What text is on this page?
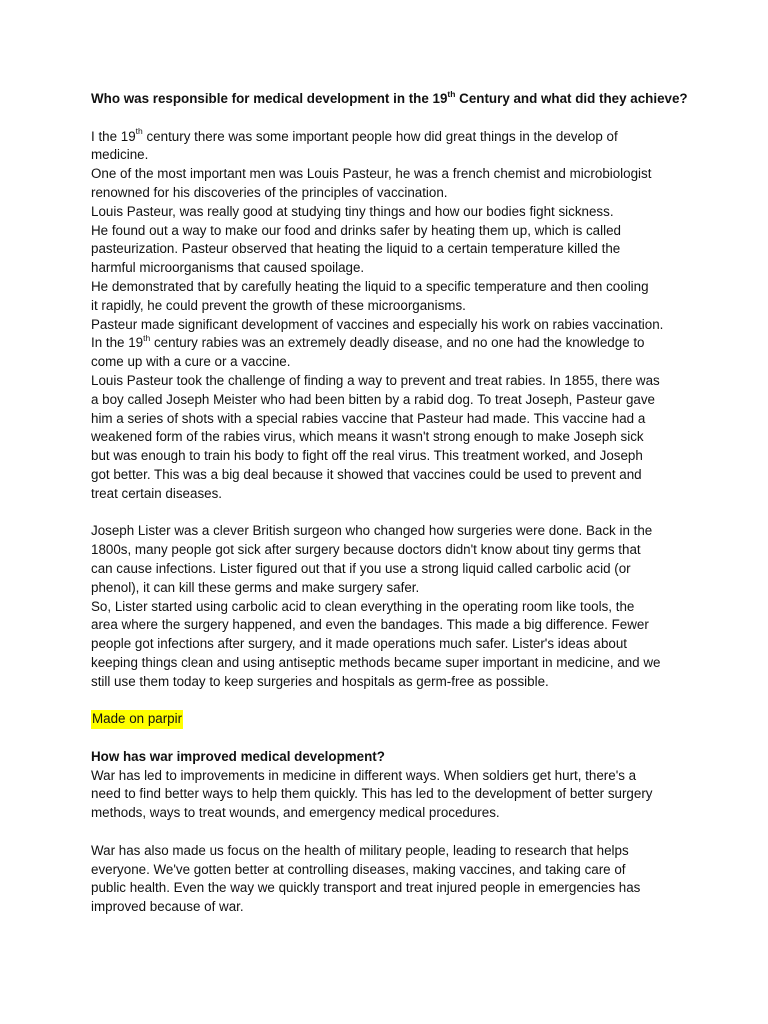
Who was responsible for medical development in the 19th Century and what did they achieve?
I the 19th century there was some important people how did great things in the develop of
medicine.
One of the most important men was Louis Pasteur, he was a french chemist and microbiologist
renowned for his discoveries of the principles of vaccination.
Louis Pasteur, was really good at studying tiny things and how our bodies fight sickness.
He found out a way to make our food and drinks safer by heating them up, which is called
pasteurization. Pasteur observed that heating the liquid to a certain temperature killed the
harmful microorganisms that caused spoilage.
He demonstrated that by carefully heating the liquid to a specific temperature and then cooling
it rapidly, he could prevent the growth of these microorganisms.
Pasteur made significant development of vaccines and especially his work on rabies vaccination.
In the 19th century rabies was an extremely deadly disease, and no one had the knowledge to
come up with a cure or a vaccine.
Louis Pasteur took the challenge of finding a way to prevent and treat rabies. In 1855, there was
a boy called Joseph Meister who had been bitten by a rabid dog. To treat Joseph, Pasteur gave
him a series of shots with a special rabies vaccine that Pasteur had made. This vaccine had a
weakened form of the rabies virus, which means it wasn't strong enough to make Joseph sick
but was enough to train his body to fight off the real virus. This treatment worked, and Joseph
got better. This was a big deal because it showed that vaccines could be used to prevent and
treat certain diseases.
Joseph Lister was a clever British surgeon who changed how surgeries were done. Back in the
1800s, many people got sick after surgery because doctors didn't know about tiny germs that
can cause infections. Lister figured out that if you use a strong liquid called carbolic acid (or
phenol), it can kill these germs and make surgery safer.
So, Lister started using carbolic acid to clean everything in the operating room like tools, the
area where the surgery happened, and even the bandages. This made a big difference. Fewer
people got infections after surgery, and it made operations much safer. Lister's ideas about
keeping things clean and using antiseptic methods became super important in medicine, and we
still use them today to keep surgeries and hospitals as germ-free as possible.
Made on parpir
How has war improved medical development?
War has led to improvements in medicine in different ways. When soldiers get hurt, there's a
need to find better ways to help them quickly. This has led to the development of better surgery
methods, ways to treat wounds, and emergency medical procedures.
War has also made us focus on the health of military people, leading to research that helps
everyone. We've gotten better at controlling diseases, making vaccines, and taking care of
public health. Even the way we quickly transport and treat injured people in emergencies has
improved because of war.
